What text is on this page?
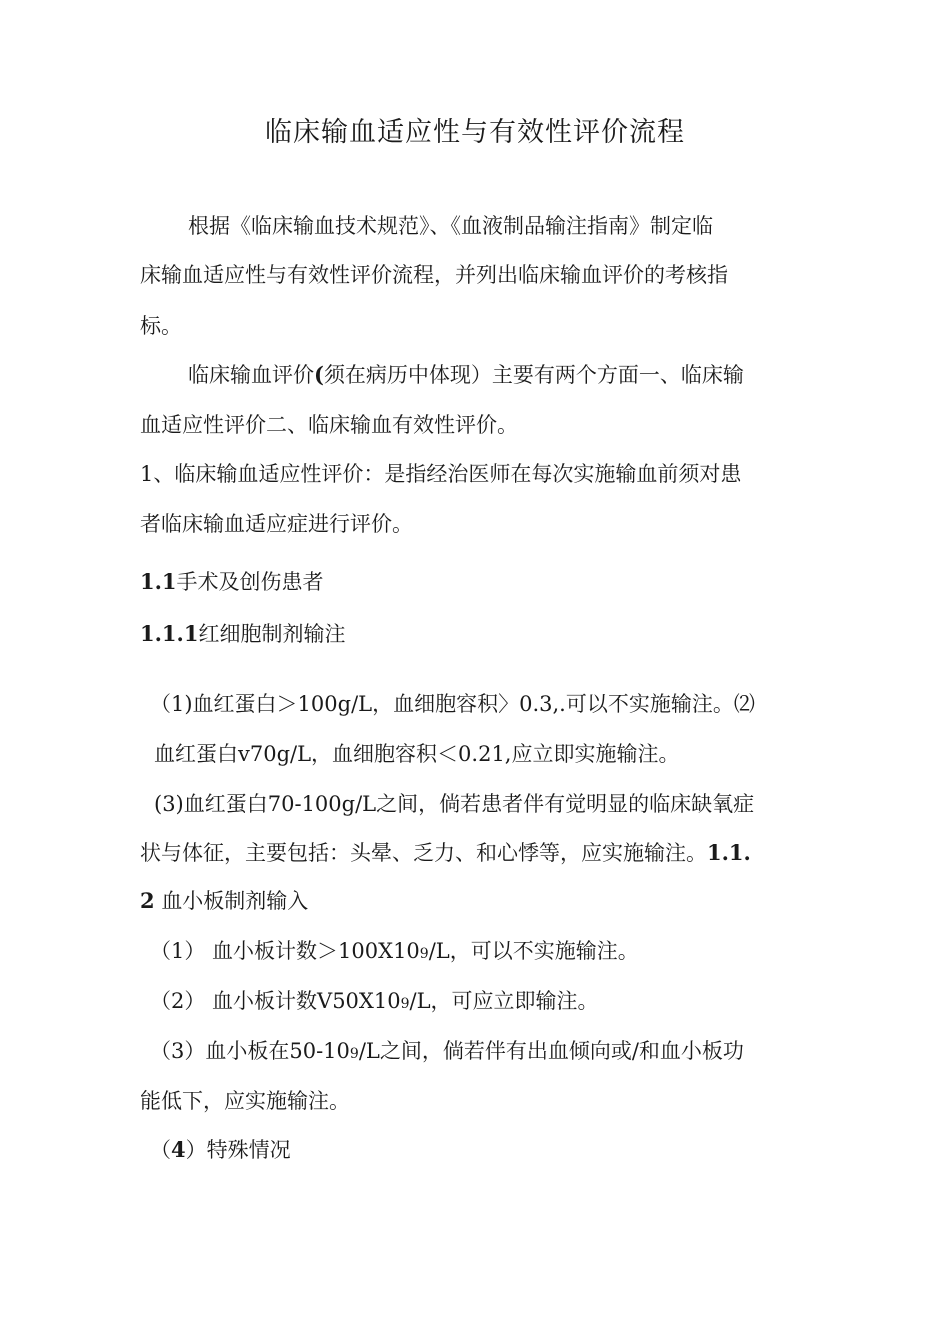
临床输血适应性与有效性评价流程
根据《临床输血技术规范》、《血液制品输注指南》制定临
床输血适应性与有效性评价流程，并列出临床输血评价的考核指
标。
临床输血评价(须在病历中体现）主要有两个方面一、临床输
血适应性评价二、临床输血有效性评价。
1、临床输血适应性评价：是指经治医师在每次实施输血前须对患
者临床输血适应症进行评价。
1.1手术及创伤患者
1.1.1红细胞制剂输注
（1)血红蛋白＞100g/L，血细胞容积〉0.3,.可以不实施输注。⑵
血红蛋白v70g/L，血细胞容积＜0.21,应立即实施输注。
(3)血红蛋白70-100g/L之间，倘若患者伴有觉明显的临床缺氧症
状与体征，主要包括：头晕、乏力、和心悸等，应实施输注。1.1.
2 血小板制剂输入
（1） 血小板计数＞100X109/L，可以不实施输注。
（2） 血小板计数V50X109/L，可应立即输注。
（3）血小板在50-109/L之间，倘若伴有出血倾向或/和血小板功
能低下，应实施输注。
（4）特殊情况
